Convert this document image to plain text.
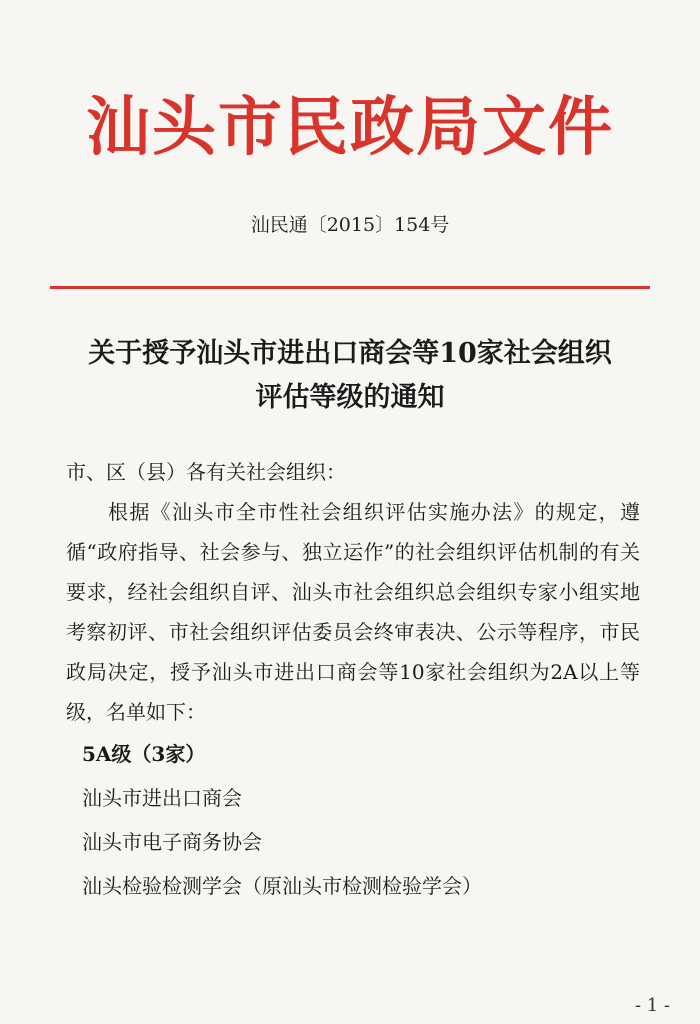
汕头市民政局文件
汕民通〔2015〕154号
关于授予汕头市进出口商会等10家社会组织
评估等级的通知

市、区（县）各有关社会组织：

根据《汕头市全市性社会组织评估实施办法》的规定，遵循“政府指导、社会参与、独立运作”的社会组织评估机制的有关要求，经社会组织自评、汕头市社会组织总会组织专家小组实地考察初评、市社会组织评估委员会终审表决、公示等程序，市民政局决定，授予汕头市进出口商会等10家社会组织为2A以上等级，名单如下：

5A级（3家）

汕头市进出口商会
汕头市电子商务协会
汕头检验检测学会（原汕头市检测检验学会）
- 1 -
